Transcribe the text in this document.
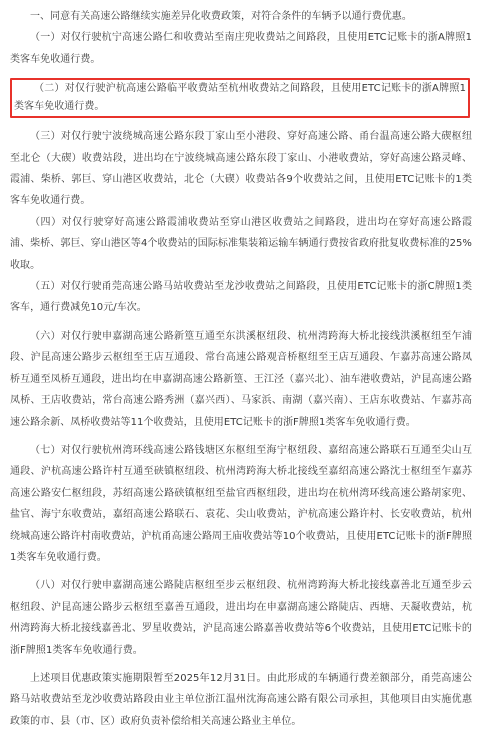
一、同意有关高速公路继续实施差异化收费政策，对符合条件的车辆予以通行费优惠。

（一）对仅行驶杭宁高速公路仁和收费站至南庄兜收费站之间路段，且使用ETC记账卡的浙A牌照1类客车免收通行费。

（二）对仅行驶沪杭高速公路临平收费站至杭州收费站之间路段，且使用ETC记账卡的浙A牌照1类客车免收通行费。

（三）对仅行驶宁波绕城高速公路东段丁家山至小港段、穿好高速公路、甬台温高速公路大碶枢纽至北仑（大碶）收费站段，进出均在宁波绕城高速公路东段丁家山、小港收费站，穿好高速公路灵峰、霞浦、柴桥、郭巨、穿山港区收费站，北仑（大碶）收费站各9个收费站之间，且使用ETC记账卡的1类客车免收通行费。

（四）对仅行驶穿好高速公路霞浦收费站至穿山港区收费站之间路段，进出均在穿好高速公路霞浦、柴桥、郭巨、穿山港区等4个收费站的国际标准集装箱运输车辆通行费按省政府批复收费标准的25%收取。

（五）对仅行驶甬莞高速公路马站收费站至龙沙收费站之间路段，且使用ETC记账卡的浙C牌照1类客车，通行费减免10元/车次。

（六）对仅行驶申嘉湖高速公路新篁互通至东洪溪枢纽段、杭州湾跨海大桥北接线洪溪枢纽至乍浦段、沪昆高速公路步云枢纽至王店互通段、常台高速公路观音桥枢纽至王店互通段、乍嘉苏高速公路凤桥互通至凤桥互通段，进出均在申嘉湖高速公路新篁、王江泾（嘉兴北）、油车港收费站，沪昆高速公路凤桥、王店收费站，常台高速公路秀洲（嘉兴西）、马家浜、南湖（嘉兴南）、王店东收费站、乍嘉苏高速公路余新、凤桥收费站等11个收费站，且使用ETC记账卡的浙F牌照1类客车免收通行费。

（七）对仅行驶杭州湾环线高速公路钱塘区东枢纽至海宁枢纽段、嘉绍高速公路联石互通至尖山互通段、沪杭高速公路许村互通至硖镇枢纽段、杭州湾跨海大桥北接线至嘉绍高速公路沈士枢纽至乍嘉苏高速公路安仁枢纽段，苏绍高速公路硖镇枢纽至盐官西枢纽段，进出均在杭州湾环线高速公路胡家兜、盐官、海宁东收费站，嘉绍高速公路联石、袁花、尖山收费站，沪杭高速公路许村、长安收费站，杭州绕城高速公路许村南收费站，沪杭甬高速公路周王庙收费站等10个收费站，且使用ETC记账卡的浙F牌照1类客车免收通行费。

（八）对仅行驶申嘉湖高速公路陡店枢纽至步云枢纽段、杭州湾跨海大桥北接线嘉善北互通至步云枢纽段、沪昆高速公路步云枢纽至嘉善互通段，进出均在申嘉湖高速公路陡店、西塘、天凝收费站，杭州湾跨海大桥北接线嘉善北、罗星收费站，沪昆高速公路嘉善收费站等6个收费站，且使用ETC记账卡的浙F牌照1类客车免收通行费。

上述项目优惠政策实施期限暂至2025年12月31日。由此形成的车辆通行费差额部分，甬莞高速公路马站收费站至龙沙收费站路段由业主单位浙江温州沈海高速公路有限公司承担，其他项目由实施优惠政策的市、县（市、区）政府负责补偿给相关高速公路业主单位。
